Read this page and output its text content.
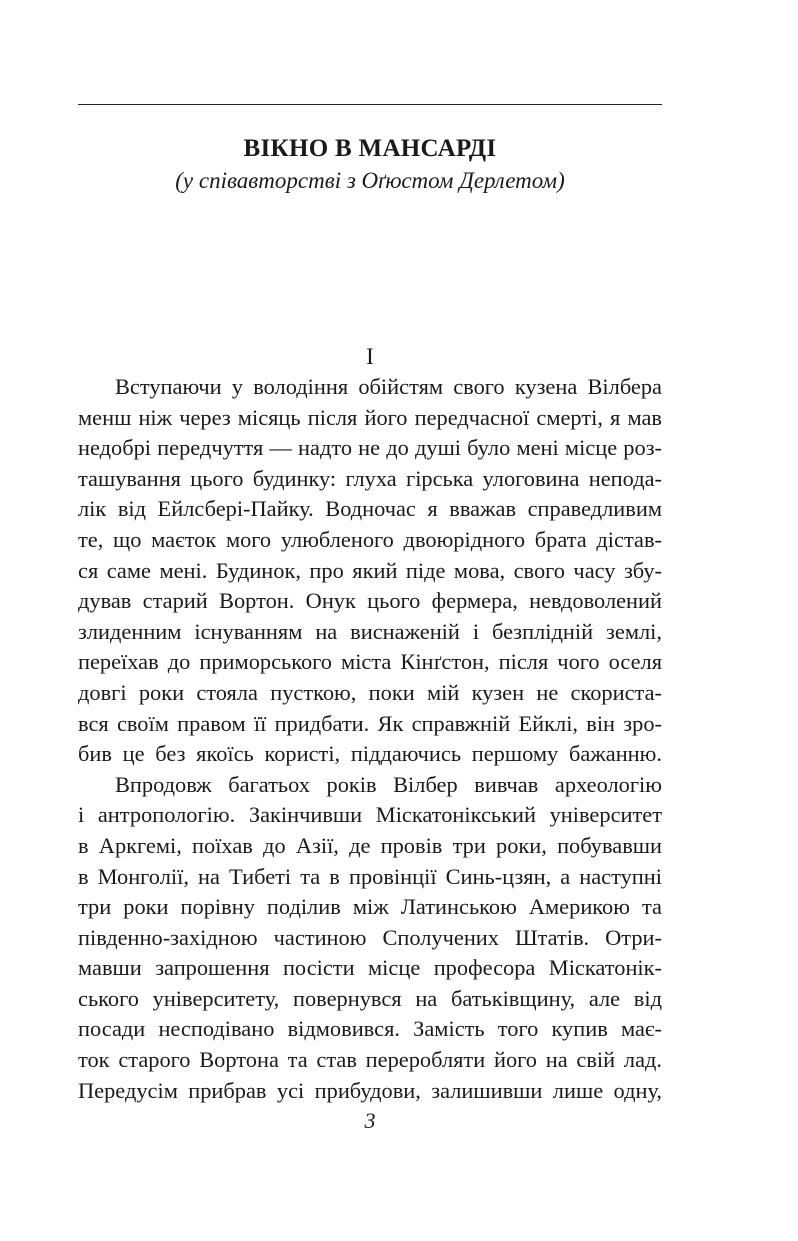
ВІКНО В МАНСАРДІ
(у співавторстві з Оґюстом Дерлетом)
I
Вступаючи у володіння обійстям свого кузена Вілбера
менш ніж через місяць після його передчасної смерті, я мав
недобрі передчуття — надто не до душі було мені місце роз-
ташування цього будинку: глуха гірська улоговина непода-
лік від Ейлсбері-Пайку. Водночас я вважав справедливим
те, що маєток мого улюбленого двоюрідного брата дістав-
ся саме мені. Будинок, про який піде мова, свого часу збу-
дував старий Вортон. Онук цього фермера, невдоволений
злиденним існуванням на виснаженій і безплідній землі,
переїхав до приморського міста Кінґстон, після чого оселя
довгі роки стояла пусткою, поки мій кузен не скориста-
вся своїм правом її придбати. Як справжній Ейклі, він зро-
бив це без якоїсь користі, піддаючись першому бажанню.
Впродовж багатьох років Вілбер вивчав археологію
і антропологію. Закінчивши Міскатонікський університет
в Аркгемі, поїхав до Азії, де провів три роки, побувавши
в Монголії, на Тибеті та в провінції Синь-цзян, а наступні
три роки порівну поділив між Латинською Америкою та
південно-західною частиною Сполучених Штатів. Отри-
мавши запрошення посісти місце професора Міскатонік-
ського університету, повернувся на батьківщину, але від
посади несподівано відмовився. Замість того купив має-
ток старого Вортона та став переробляти його на свій лад.
Передусім прибрав усі прибудови, залишивши лише одну,
3
